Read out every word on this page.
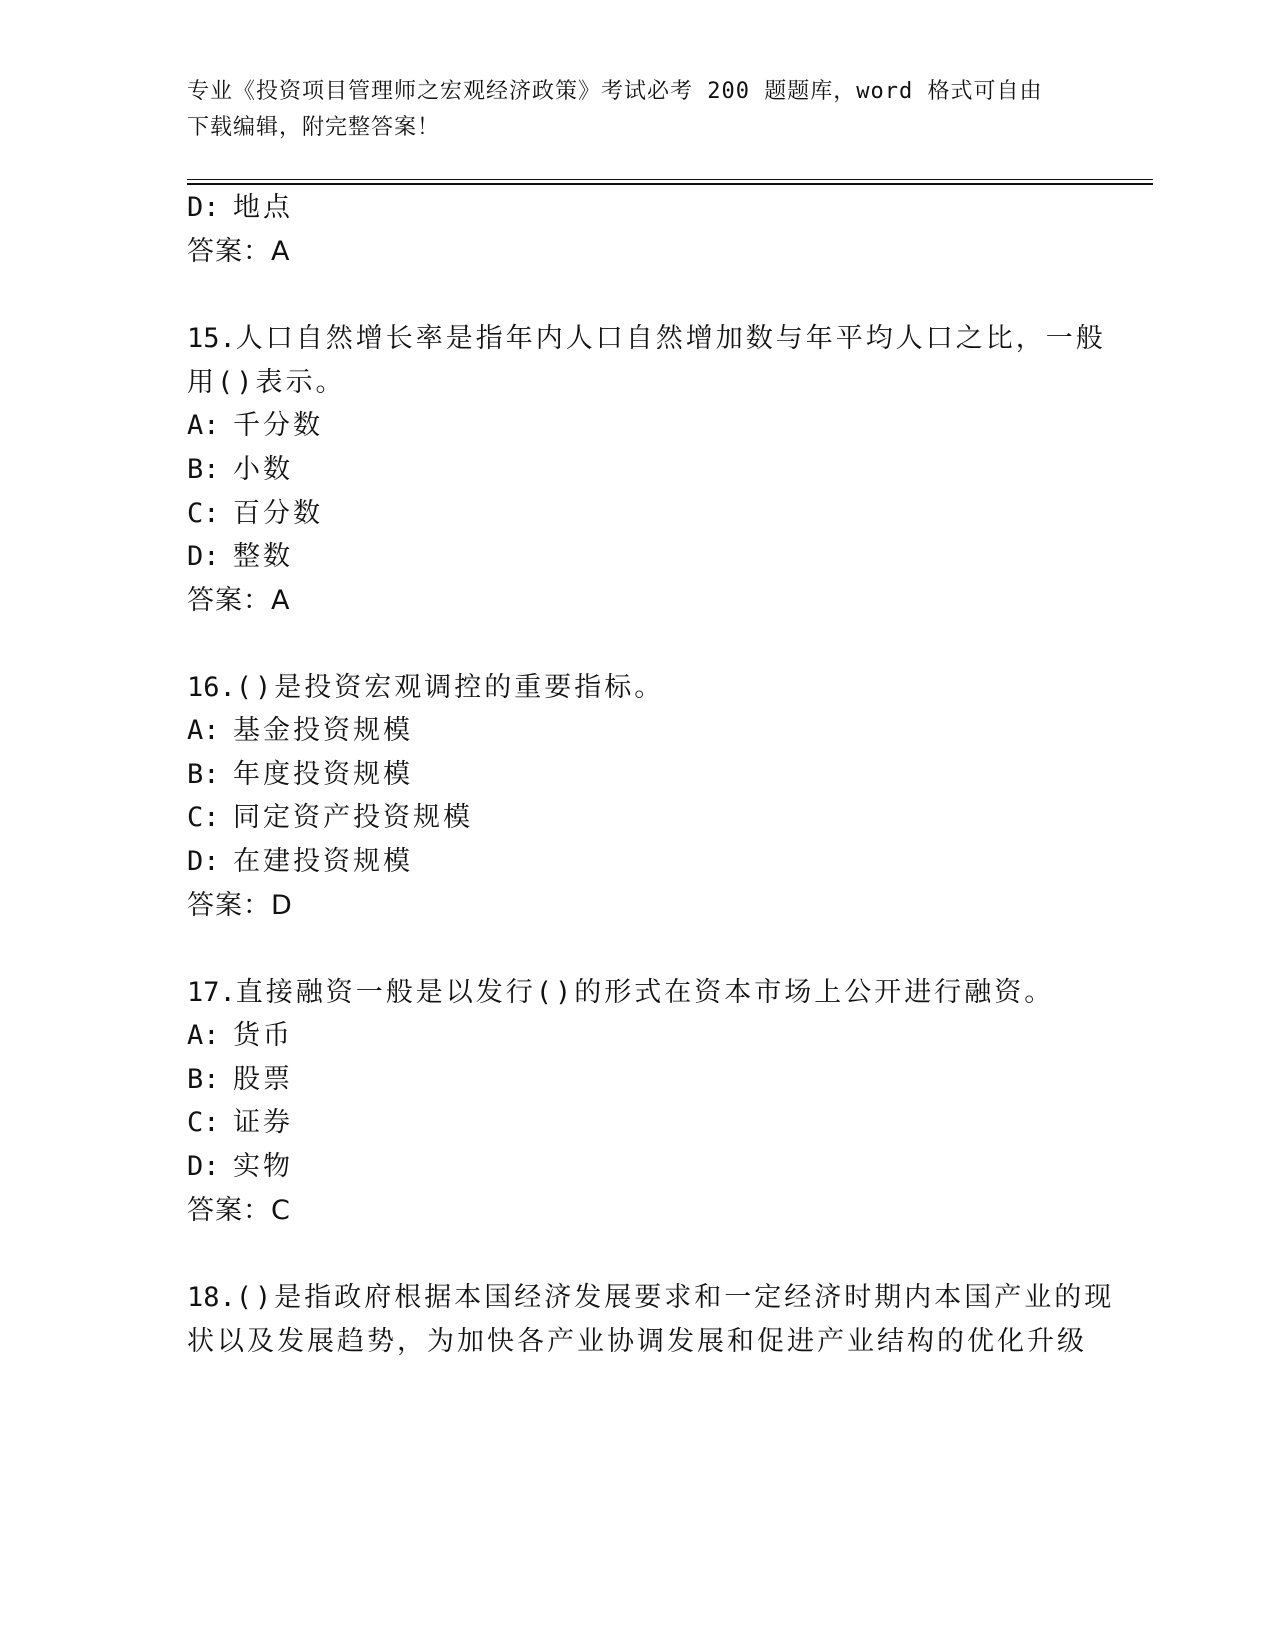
专业《投资项目管理师之宏观经济政策》考试必考 200 题题库，word 格式可自由
下载编辑，附完整答案！
D: 地点
答案：A
15.人口自然增长率是指年内人口自然增加数与年平均人口之比，一般
用()表示。
A: 千分数
B: 小数
C: 百分数
D: 整数
答案：A
16.()是投资宏观调控的重要指标。
A: 基金投资规模
B: 年度投资规模
C: 同定资产投资规模
D: 在建投资规模
答案：D
17.直接融资一般是以发行()的形式在资本市场上公开进行融资。
A: 货币
B: 股票
C: 证券
D: 实物
答案：C
18.()是指政府根据本国经济发展要求和一定经济时期内本国产业的现
状以及发展趋势，为加快各产业协调发展和促进产业结构的优化升级
